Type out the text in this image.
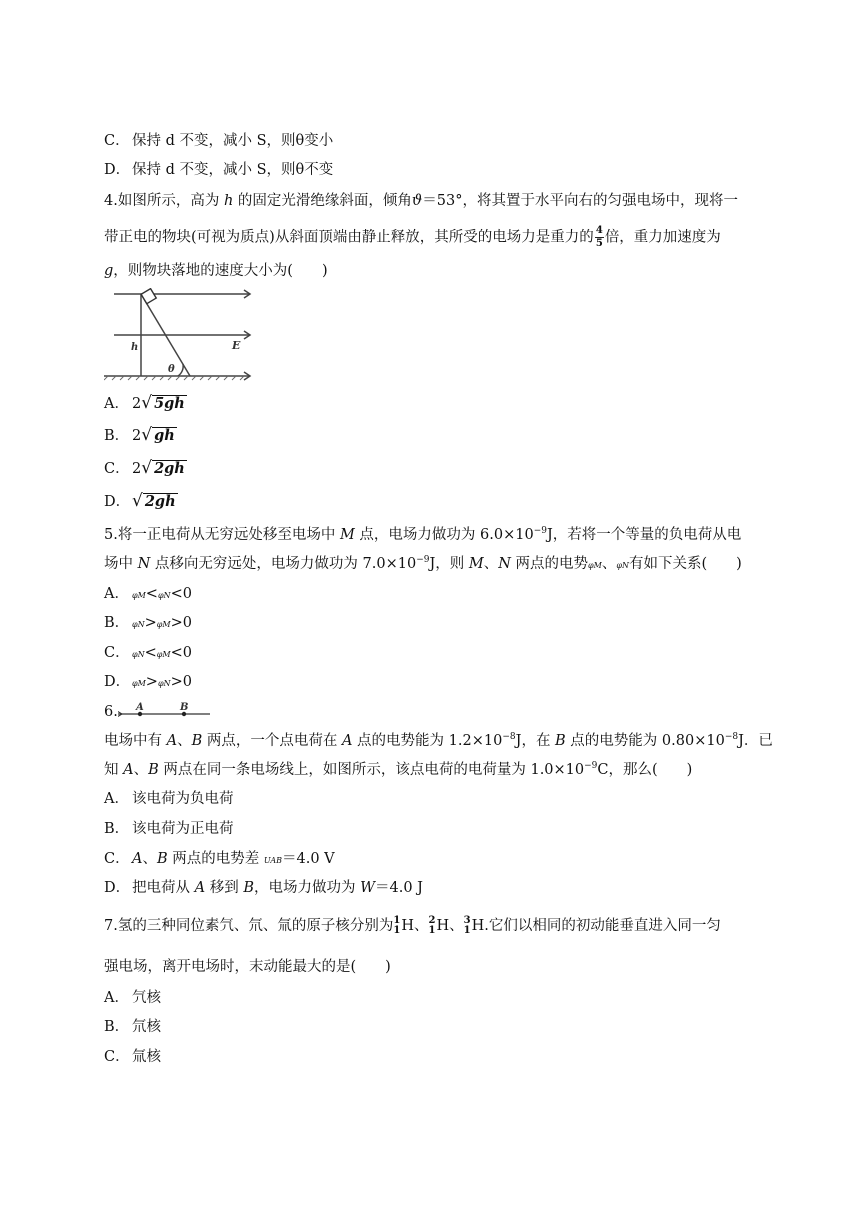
C． 保持 d 不变，减小 S，则θ变小
D． 保持 d 不变，减小 S，则θ不变
4.如图所示，高为 h 的固定光滑绝缘斜面，倾角ϑ＝53°，将其置于水平向右的匀强电场中，现将一
带正电的物块(可视为质点)从斜面顶端由静止释放，其所受的电场力是重力的 $\frac{4}{5}$ 倍，重力加速度为
g，则物块落地的速度大小为(　　)
h	E
θ
A． 2 √ 5gh
B． 2 √ gh
C． 2 √ 2gh
D． √ 2gh
5.将一正电荷从无穷远处移至电场中 M 点，电场力做功为 $6.0\times 10^{-9}J$，若将一个等量的负电荷从电
场中 N 点移向无穷远处，电场力做功为 $7.0\times 10^{-9}J$，则 M、N 两点的电势φM、φN有如下关系(　　)
A． φM<φN<0
B． φN>φM>0
C． φN<φM<0
D． φM>φN>0
6. A	B
电场中有 A、B 两点，一个点电荷在 A 点的电势能为 $1.2\times 10^{-8}J$，在 B 点的电势能为 $0.80\times 10^{-8}J$．已
知 A、B 两点在同一条电场线上，如图所示，该点电荷的电荷量为 $1.0\times 10^{-9}C$，那么(　　)
A． 该电荷为负电荷
B． 该电荷为正电荷
C． A、B 两点的电势差 UAB＝4.0 V
D． 把电荷从 A 移到 B，电场力做功为 W＝4.0 J
7.氢的三种同位素氕、氘、氚的原子核分别为 1
1 H、 2
1 H、 3
1 H.它们以相同的初动能垂直进入同一匀
强电场，离开电场时，末动能最大的是(　　)
A． 氕核
B． 氘核
C． 氚核
